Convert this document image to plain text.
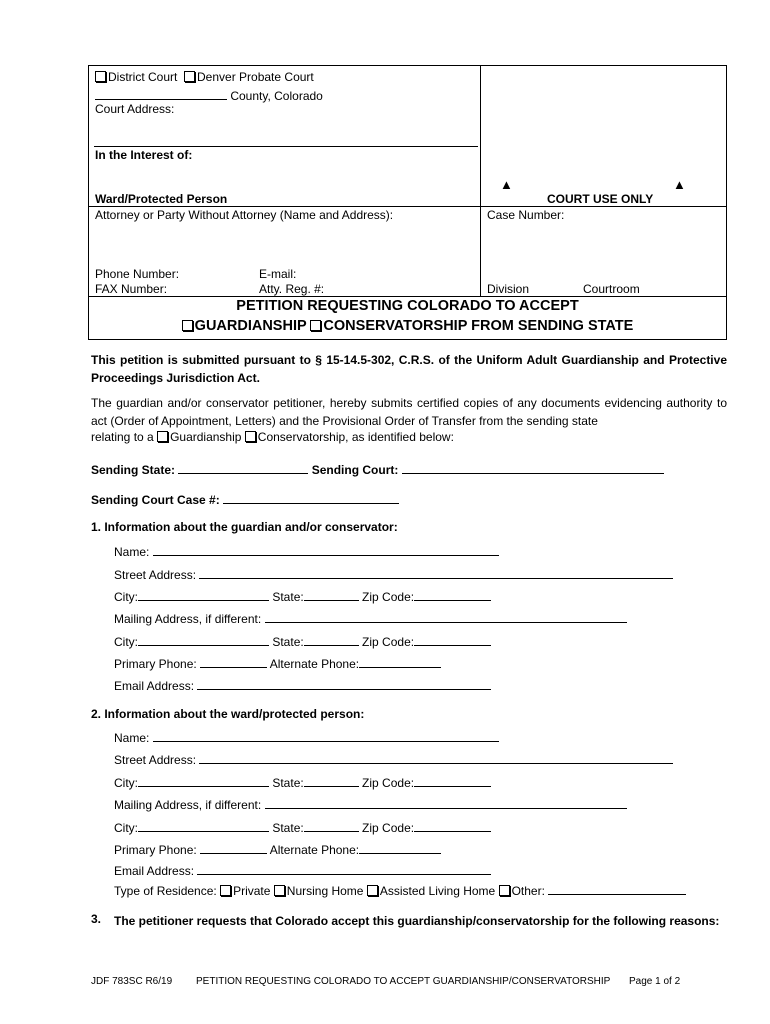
District Court Denver Probate Court
County, Colorado
Court Address:
In the Interest of:
Ward/Protected Person
Attorney or Party Without Attorney (Name and Address):
Phone Number:	E-mail:
FAX Number:	Atty. Reg. #:
▲
COURT USE ONLY
▲
Case Number:
Division	Courtroom
PETITION REQUESTING COLORADO TO ACCEPT
GUARDIANSHIP CONSERVATORSHIP FROM SENDING STATE
This petition is submitted pursuant to § 15-14.5-302, C.R.S. of the Uniform Adult Guardianship and Protective Proceedings Jurisdiction Act.
The guardian and/or conservator petitioner, hereby submits certified copies of any documents evidencing authority to act (Order of Appointment, Letters) and the Provisional Order of Transfer from the sending state
relating to a Guardianship Conservatorship, as identified below:
Sending State:	Sending Court:
Sending Court Case #:
1. Information about the guardian and/or conservator:
Name:
Street Address:
City:	State:	Zip Code:
Mailing Address, if different:
City:	State:	Zip Code:
Primary Phone:	Alternate Phone:
Email Address:
2. Information about the ward/protected person:
Name:
Street Address:
City:	State:	Zip Code:
Mailing Address, if different:
City:	State:	Zip Code:
Primary Phone:	Alternate Phone:
Email Address:
Type of Residence: Private Nursing Home Assisted Living Home Other:
3. The petitioner requests that Colorado accept this guardianship/conservatorship for the following reasons:
JDF 783SC R6/19 PETITION REQUESTING COLORADO TO ACCEPT GUARDIANSHIP/CONSERVATORSHIP Page 1 of 2
